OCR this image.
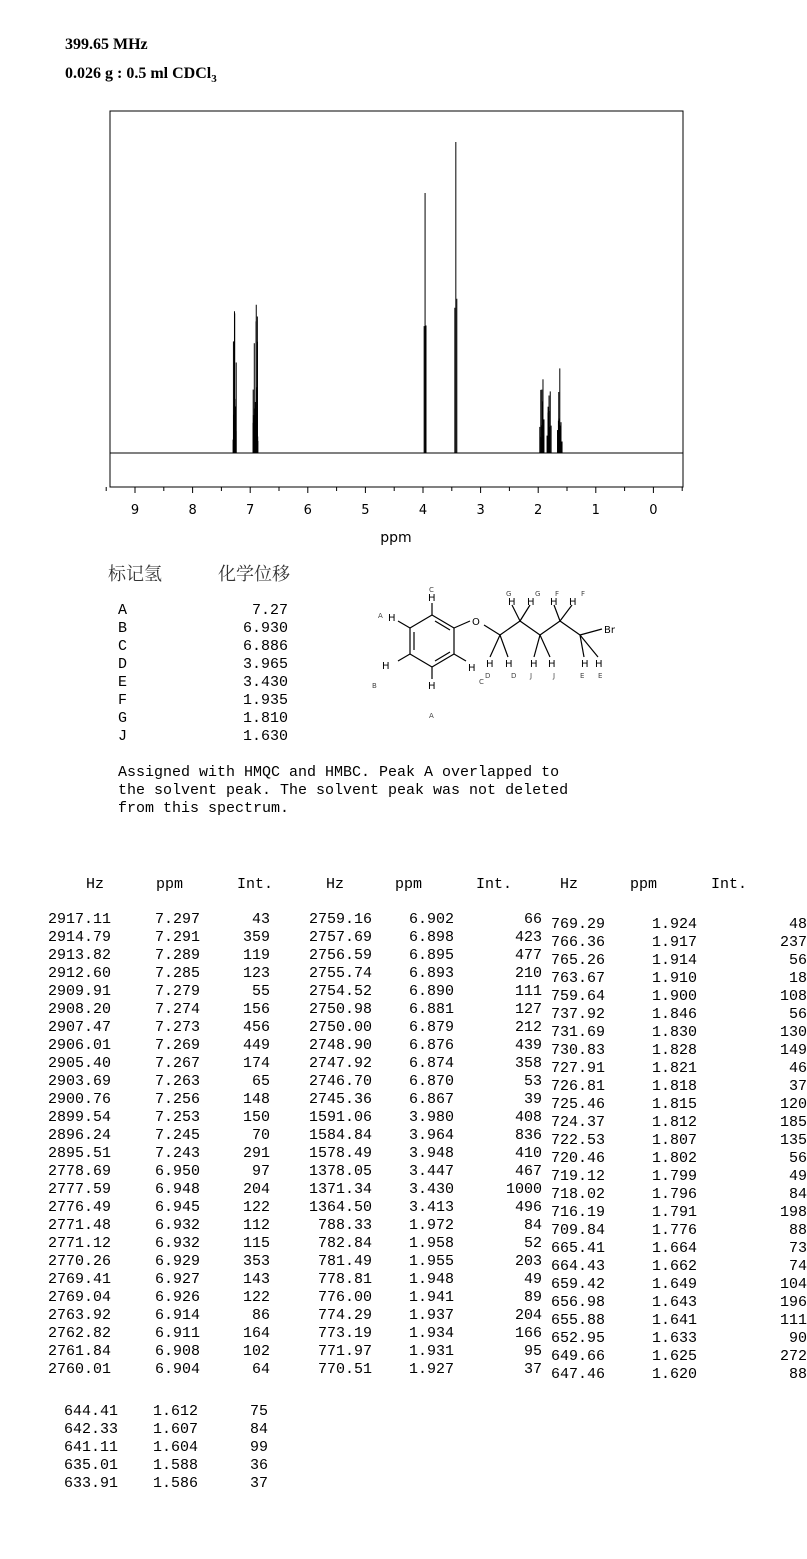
399.65 MHz
0.026 g : 0.5 ml CDCl$_3$
9	8	7	6	5	4	3	2	1	0
ppm
标记氢	化学位移
A	7.27
B	6.930
C	6.886
D	3.965
E	3.430
F	1.935
G	1.810
J	1.630
H
H
H
H
H
O
Br
H H
H H
H H
H H
H H
C
A
B
A
C
D	D
G	G
J	J
F	F
E E
Assigned with HMQC and HMBC. Peak A overlapped to
the solvent peak. The solvent peak was not deleted
from this spectrum.
Hz	ppm	Int.	Hz	ppm	Int.	Hz	ppm	Int.
2917.11	7.297	43
2914.79	7.291	359
2913.82	7.289	119
2912.60	7.285	123
2909.91	7.279	55
2908.20	7.274	156
2907.47	7.273	456
2906.01	7.269	449
2905.40	7.267	174
2903.69	7.263	65
2900.76	7.256	148
2899.54	7.253	150
2896.24	7.245	70
2895.51	7.243	291
2778.69	6.950	97
2777.59	6.948	204
2776.49	6.945	122
2771.48	6.932	112
2771.12	6.932	115
2770.26	6.929	353
2769.41	6.927	143
2769.04	6.926	122
2763.92	6.914	86
2762.82	6.911	164
2761.84	6.908	102
2760.01	6.904	64
2759.16	6.902	66
2757.69	6.898	423
2756.59	6.895	477
2755.74	6.893	210
2754.52	6.890	111
2750.98	6.881	127
2750.00	6.879	212
2748.90	6.876	439
2747.92	6.874	358
2746.70	6.870	53
2745.36	6.867	39
1591.06	3.980	408
1584.84	3.964	836
1578.49	3.948	410
1378.05	3.447	467
1371.34	3.430	1000
1364.50	3.413	496
788.33	1.972	84
782.84	1.958	52
781.49	1.955	203
778.81	1.948	49
776.00	1.941	89
774.29	1.937	204
773.19	1.934	166
771.97	1.931	95
770.51	1.927	37
769.29	1.924	48
766.36	1.917	237
765.26	1.914	56
763.67	1.910	18
759.64	1.900	108
737.92	1.846	56
731.69	1.830	130
730.83	1.828	149
727.91	1.821	46
726.81	1.818	37
725.46	1.815	120
724.37	1.812	185
722.53	1.807	135
720.46	1.802	56
719.12	1.799	49
718.02	1.796	84
716.19	1.791	198
709.84	1.776	88
665.41	1.664	73
664.43	1.662	74
659.42	1.649	104
656.98	1.643	196
655.88	1.641	111
652.95	1.633	90
649.66	1.625	272
647.46	1.620	88
644.41	1.612	75
642.33	1.607	84
641.11	1.604	99
635.01	1.588	36
633.91	1.586	37
